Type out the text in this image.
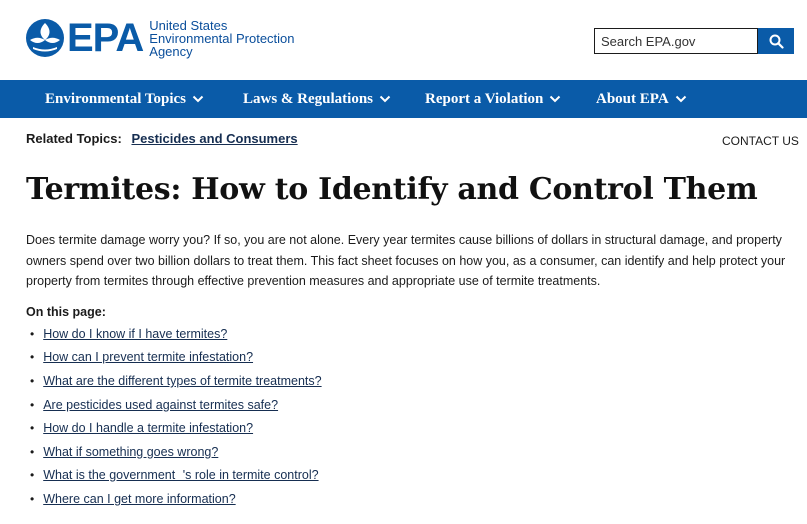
EPA United States
Environmental Protection
Agency
Search EPA.gov
Environmental Topics	Laws & Regulations	Report a Violation	About EPA
Related Topics: Pesticides and Consumers	CONTACT US
Termites: How to Identify and Control Them

Does termite damage worry you? If so, you are not alone. Every year termites cause billions of dollars in structural damage, and property owners spend over two billion dollars to treat them. This fact sheet focuses on how you, as a consumer, can identify and help protect your property from termites through effective prevention measures and appropriate use of termite treatments.

On this page:
• How do I know if I have termites?
• How can I prevent termite infestation?
• What are the different types of termite treatments?
• Are pesticides used against termites safe?
• How do I handle a termite infestation?
• What if something goes wrong?
• What is the government's role in termite control?
• Where can I get more information?
